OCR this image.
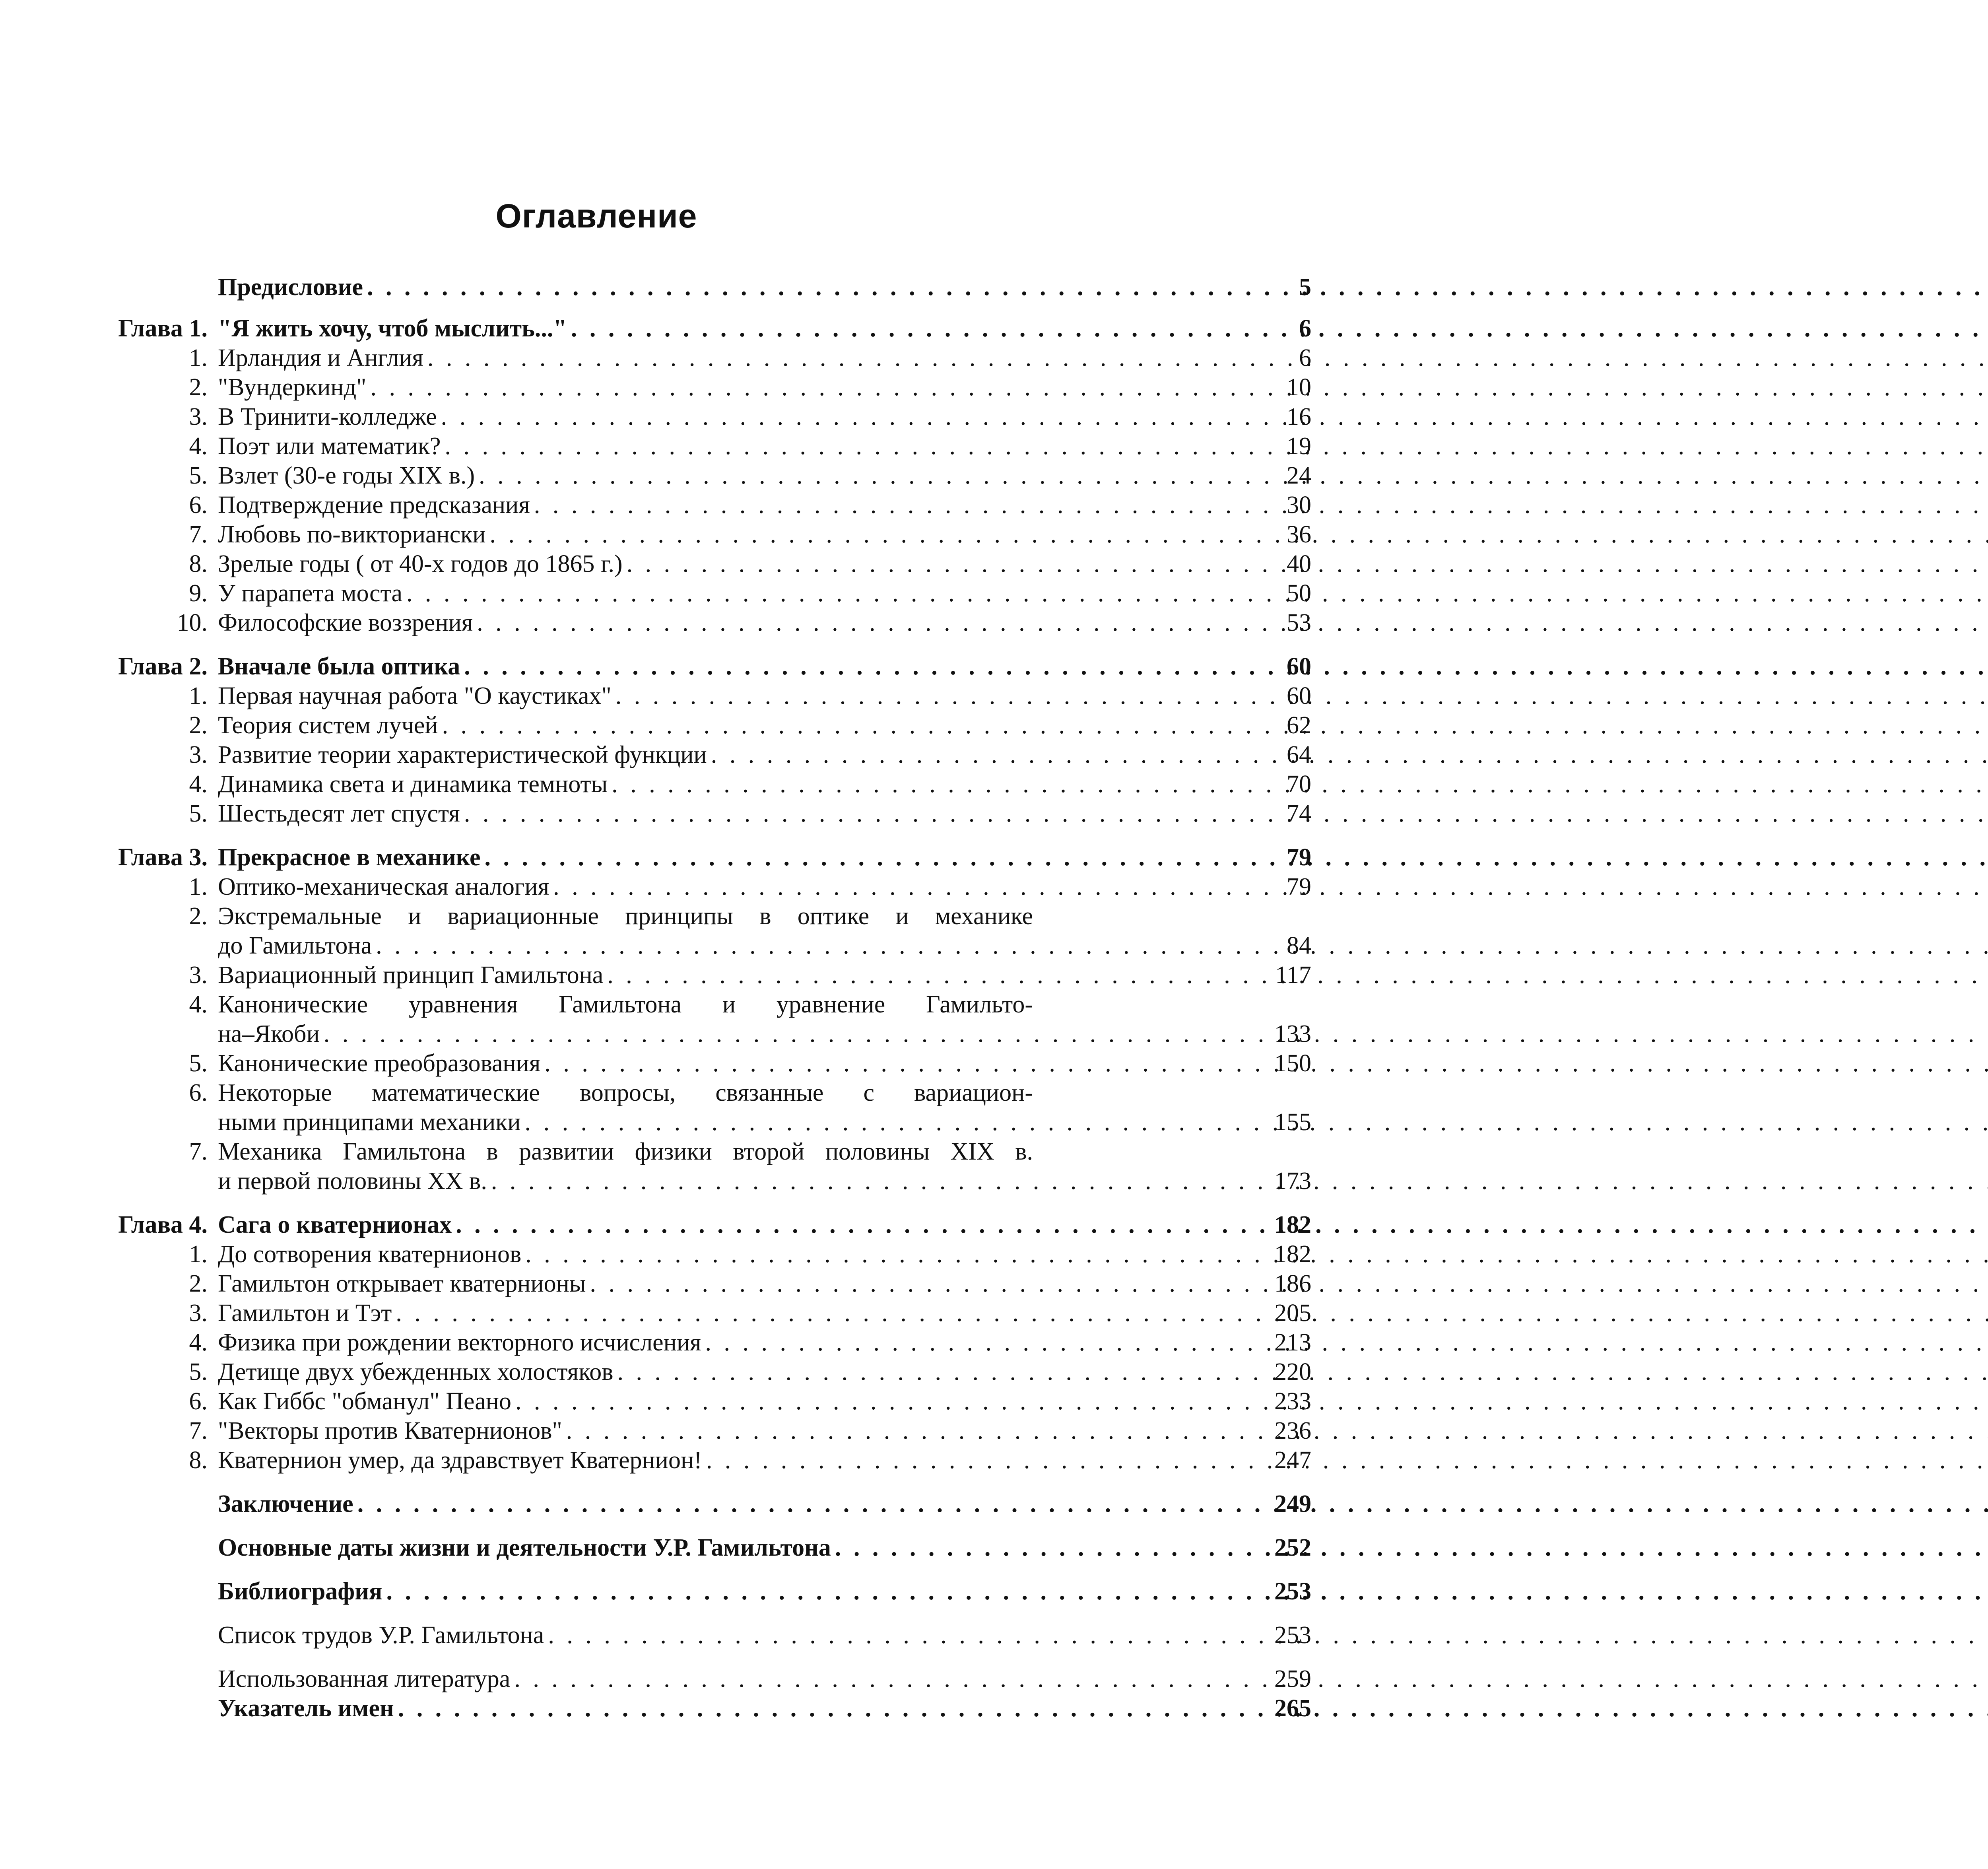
Оглавление
Предисловие . . .	5
Глава 1. "Я жить хочу, чтоб мыслить..." . . .	6
1. Ирландия и Англия . . .	6
2. "Вундеркинд" . . .	10
3. В Тринити-колледже . . .	16
4. Поэт или математик? . . .	19
5. Взлет (30-е годы XIX в.) . . .	24
6. Подтверждение предсказания . . .	30
7. Любовь по-викториански . . .	36
8. Зрелые годы ( от 40-х годов до 1865 г.) . . .	40
9. У парапета моста . . .	50
10. Философские воззрения . . .	53
Глава 2. Вначале была оптика . . .	60
1. Первая научная работа "О каустиках" . . .	60
2. Теория систем лучей . . .	62
3. Развитие теории характеристической функции . . .	64
4. Динамика света и динамика темноты . . .	70
5. Шестьдесят лет спустя . . .	74
Глава 3. Прекрасное в механике . . .	79
1. Оптико-механическая аналогия . . .	79
2. Экстремальные и вариационные принципы в оптике и механике
до Гамильтона . . .	84
3. Вариационный принцип Гамильтона . . .	117
4. Канонические уравнения Гамильтона и уравнение Гамильто-
на–Якоби . . .	133
5. Канонические преобразования . . .	150
6. Некоторые математические вопросы, связанные с вариацион-
ными принципами механики . . .	155
7. Механика Гамильтона в развитии физики второй половины XIX в.
и первой половины XX в. . . .	173
Глава 4. Сага о кватернионах . . .	182
1. До сотворения кватернионов . . .	182
2. Гамильтон открывает кватернионы . . .	186
3. Гамильтон и Тэт . . .	205
4. Физика при рождении векторного исчисления . . .	213
5. Детище двух убежденных холостяков . . .	220
6. Как Гиббс "обманул" Пеано . . .	233
7. "Векторы против Кватернионов" . . .	236
8. Кватернион умер, да здравствует Кватернион! . . .	247
Заключение . . .	249
Основные даты жизни и деятельности У.Р. Гамильтона . . .	252
Библиография . . .	253
Список трудов У.Р. Гамильтона . . .	253
Использованная литература . . .	259
Указатель имен . . .	265
